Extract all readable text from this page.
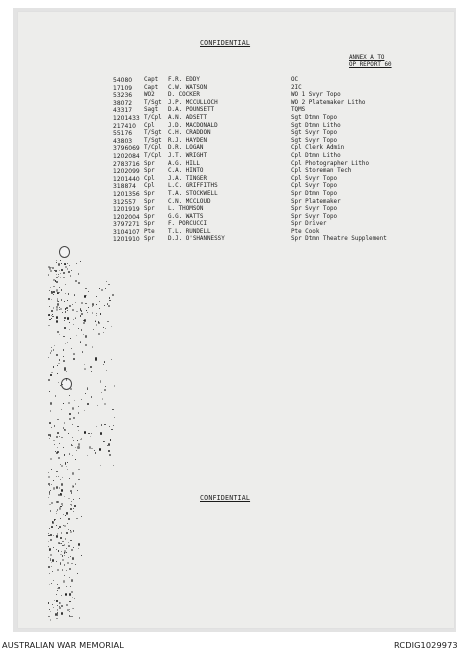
CONFIDENTIAL
ANNEX A TO
OP REPORT 60
54080 Capt F.R. EDDY	OC
17109 Capt C.W. WATSON	2IC
53236 WO2 D. COCKER	WO 1 Svyr Topo
38072 T/Sgt J.P. MCCULLOCH	WO 2 Platemaker Litho
43317 Sagt D.A. POUNSETT	TQMS
1201433 T/Cpl A.N. ADSETT	Sgt Dtmn Topo
217410 Cpl J.D. MACDONALD	Sgt Dtmn Litho
55176 T/Sgt C.H. CRADDON	Sgt Svyr Topo
43803 T/Sgt R.J. HAYDEN	Sgt Svyr Topo
3796069 T/Cpl D.R. LOGAN	Cpl Clerk Admin
1202084 T/Cpl J.T. WRIGHT	Cpl Dtmn Litho
2783716 Spr A.G. HILL	Cpl Photographer Litho
1202099 Spr C.A. HINTO	Cpl Storeman Tech
1201440 Cpl J.A. TINGER	Cpl Svyr Topo
318874 Cpl L.C. GRIFFITHS	Cpl Svyr Topo
1201356 Spr T.A. STOCKWELL	Spr Dtmn Topo
312557 Spr C.N. MCCLOUD	Spr Platemaker
1201919 Spr L. THOMSON	Spr Svyr Topo
1202004 Spr G.G. WATTS	Spr Svyr Topo
3797271 Spr F. PORCUCCI	Spr Driver
3104107 Pte T.L. RUNDELL	Pte Cook
1201910 Spr D.J. O'SHANNESSY	Spr Dtmn Theatre Supplement
CONFIDENTIAL
AUSTRALIAN WAR MEMORIAL	RCDIG1029973
